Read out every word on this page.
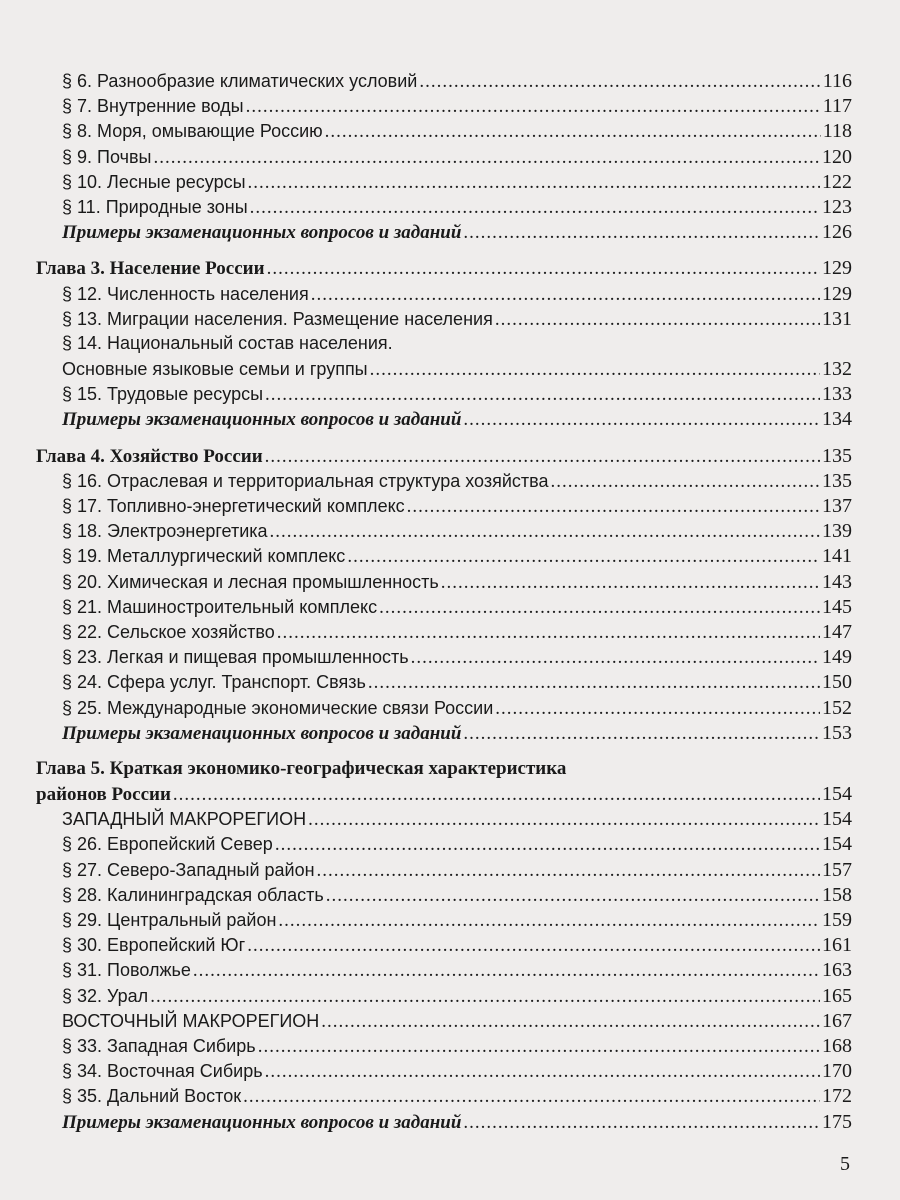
§ 6. Разнообразие климатических условий .....	116
§ 7. Внутренние воды .....	117
§ 8. Моря, омывающие Россию .....	118
§ 9. Почвы .....	120
§ 10. Лесные ресурсы .....	122
§ 11. Природные зоны .....	123
Примеры экзаменационных вопросов и заданий .....	126
Глава 3. Население России .....	129
§ 12. Численность населения .....	129
§ 13. Миграции населения. Размещение населения .....	131
§ 14. Национальный состав населения.
Основные языковые семьи и группы .....	132
§ 15. Трудовые ресурсы .....	133
Примеры экзаменационных вопросов и заданий .....	134
Глава 4. Хозяйство России .....	135
§ 16. Отраслевая и территориальная структура хозяйства .....	135
§ 17. Топливно-энергетический комплекс .....	137
§ 18. Электроэнергетика .....	139
§ 19. Металлургический комплекс .....	141
§ 20. Химическая и лесная промышленность .....	143
§ 21. Машиностроительный комплекс .....	145
§ 22. Сельское хозяйство .....	147
§ 23. Легкая и пищевая промышленность .....	149
§ 24. Сфера услуг. Транспорт. Связь .....	150
§ 25. Международные экономические связи России .....	152
Примеры экзаменационных вопросов и заданий .....	153
Глава 5. Краткая экономико-географическая характеристика
районов России .....	154
ЗАПАДНЫЙ МАКРОРЕГИОН .....	154
§ 26. Европейский Север .....	154
§ 27. Северо-Западный район .....	157
§ 28. Калининградская область .....	158
§ 29. Центральный район .....	159
§ 30. Европейский Юг .....	161
§ 31. Поволжье .....	163
§ 32. Урал .....	165
ВОСТОЧНЫЙ МАКРОРЕГИОН .....	167
§ 33. Западная Сибирь .....	168
§ 34. Восточная Сибирь .....	170
§ 35. Дальний Восток .....	172
Примеры экзаменационных вопросов и заданий .....	175
5
